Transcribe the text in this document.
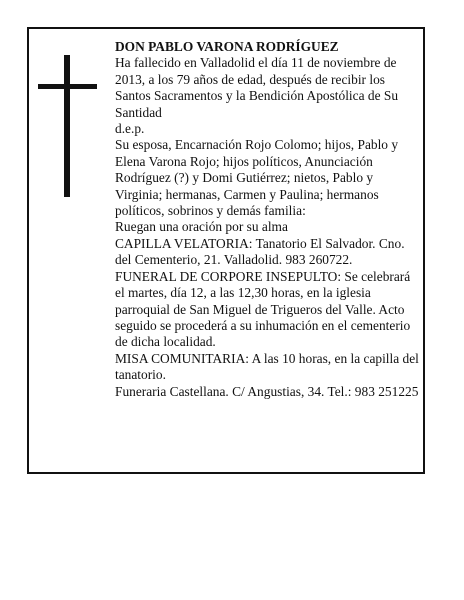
DON PABLO VARONA RODRÍGUEZ

Ha fallecido en Valladolid el día 11 de noviembre de 2013, a los 79 años de edad, después de recibir los Santos Sacramentos y la Bendición Apostólica de Su Santidad

d.e.p.

Su esposa, Encarnación Rojo Colomo; hijos, Pablo y Elena Varona Rojo; hijos políticos, Anunciación Rodríguez (?) y Domi Gutiérrez; nietos, Pablo y Virginia; hermanas, Carmen y Paulina; hermanos políticos, sobrinos y demás familia:

Ruegan una oración por su alma

CAPILLA VELATORIA: Tanatorio El Salvador. Cno. del Cementerio, 21. Valladolid. 983 260722.

FUNERAL DE CORPORE INSEPULTO: Se celebrará el martes, día 12, a las 12,30 horas, en la iglesia parroquial de San Miguel de Trigueros del Valle. Acto seguido se procederá a su inhumación en el cementerio de dicha localidad.

MISA COMUNITARIA: A las 10 horas, en la capilla del tanatorio.

Funeraria Castellana. C/ Angustias, 34. Tel.: 983 251225
